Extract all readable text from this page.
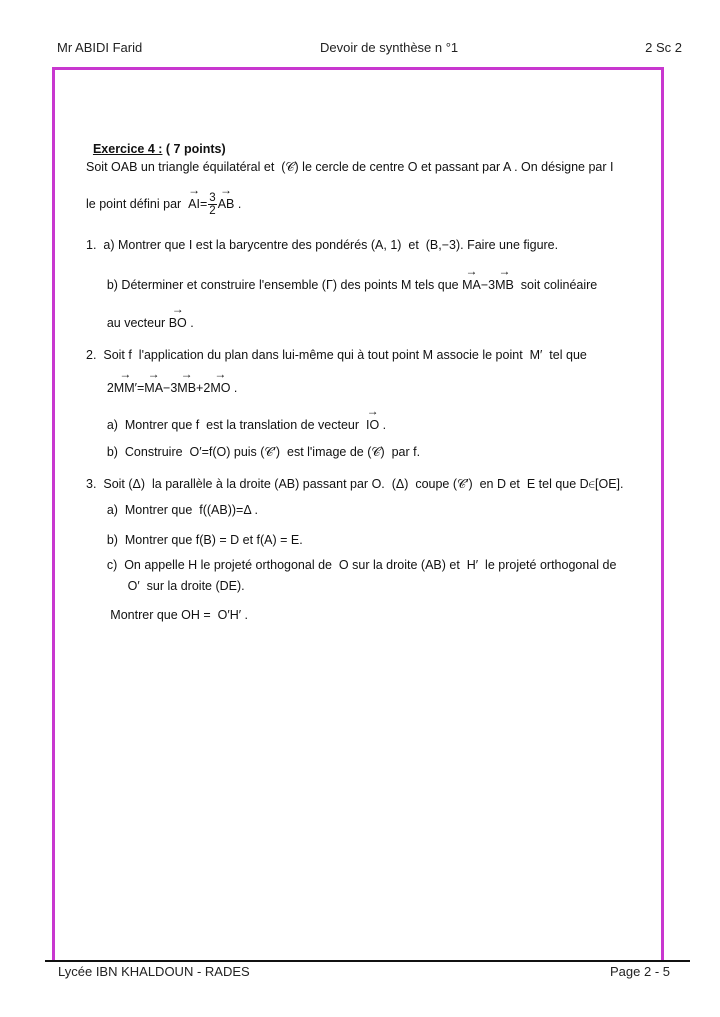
Mr ABIDI Farid	Devoir de synthèse n °1	2 Sc 2

Exercice 4 : ( 7 points)

Soit OAB un triangle équilatéral et  (𝒞) le cercle de centre O et passant par A . On désigne par I
le point défini par  → $AI= \frac{3}{2}$ → AB .
1.  a) Montrer que I est la barycentre des pondérés (A, 1)  et  (B,−3). Faire une figure.
b) Déterminer et construire l'ensemble (Γ) des points M tels que → MA−3→ MB  soit colinéaire
au vecteur → BO .
2.  Soit f  l'application du plan dans lui-même qui à tout point M associe le point  M′  tel que
2→ MM′=→ MA−3→ MB+2→ MO .
a)  Montrer que f  est la translation de vecteur  → IO .
b)  Construire  O′=f(O) puis (𝒞′)  est l'image de (𝒞)  par f.
3.  Soit (Δ)  la parallèle à la droite (AB) passant par O.  (Δ)  coupe (𝒞′)  en D et  E tel que D∈[OE].
a)  Montrer que  f((AB))=Δ .
b)  Montrer que f(B) = D et f(A) = E.
c)  On appelle H le projeté orthogonal de  O sur la droite (AB) et  H′  le projeté orthogonal de
O′  sur la droite (DE).
Montrer que OH =  O′H′ .
Lycée IBN KHALDOUN - RADES	Page 2 - 5
